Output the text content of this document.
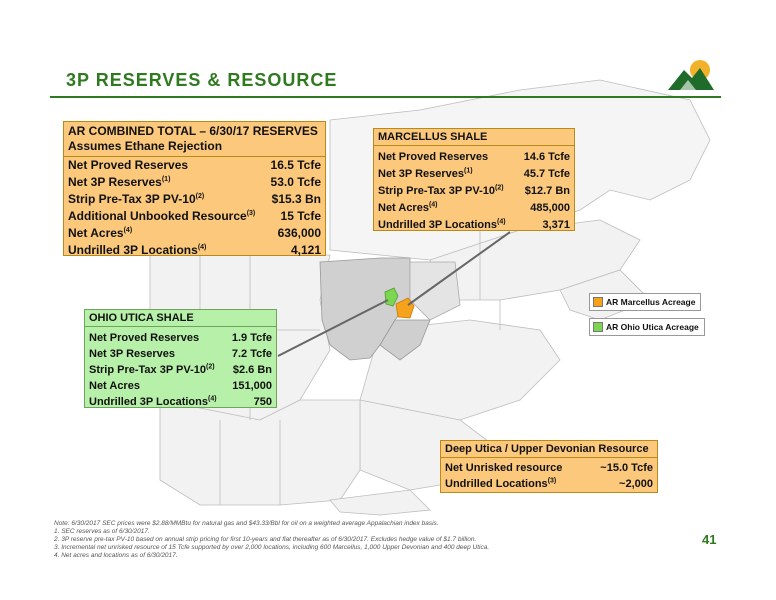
3P RESERVES & RESOURCE
AR COMBINED TOTAL – 6/30/17 RESERVES
Assumes Ethane Rejection
Net Proved Reserves	16.5 Tcfe
Net 3P Reserves$^{(1)}$	53.0 Tcfe
Strip Pre-Tax 3P PV-10$^{(2)}$	$15.3 Bn
Additional Unbooked Resource$^{(3)}$ 15 Tcfe
Net Acres$^{(4)}$	636,000
Undrilled 3P Locations$^{(4)}$	4,121
MARCELLUS SHALE
Net Proved Reserves	14.6 Tcfe
Net 3P Reserves$^{(1)}$	45.7 Tcfe
Strip Pre-Tax 3P PV-10$^{(2)}$ $12.7 Bn
Net Acres$^{(4)}$	485,000
Undrilled 3P Locations$^{(4)}$	3,371
OHIO UTICA SHALE
Net Proved Reserves	1.9 Tcfe
Net 3P Reserves	7.2 Tcfe
Strip Pre-Tax 3P PV-10$^{(2)}$ $2.6 Bn
Net Acres	151,000
Undrilled 3P Locations$^{(4)}$	750
AR Marcellus Acreage
AR Ohio Utica Acreage
Deep Utica / Upper Devonian Resource
Net Unrisked resource	~15.0 Tcfe
Undrilled Locations$^{(3)}$	~2,000
Note: 6/30/2017 SEC prices were $2.88/MMBtu for natural gas and $43.33/Bbl for oil on a weighted average Appalachian index basis.
1. SEC reserves as of 6/30/2017.
2. 3P reserve pre-tax PV-10 based on annual strip pricing for first 10-years and flat thereafter as of 6/30/2017. Excludes hedge value of $1.7 billion.
3. Incremental net unrisked resource of 15 Tcfe supported by over 2,000 locations, including 600 Marcellus, 1,000 Upper Devonian and 400 deep Utica.
4. Net acres and locations as of 6/30/2017.
41
